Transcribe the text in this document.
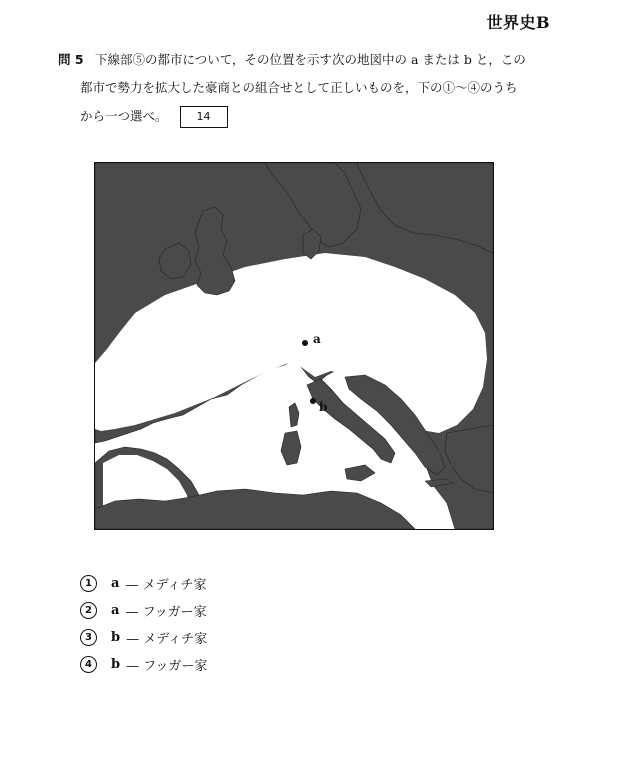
世界史B
問 5 下線部⑤の都市について，その位置を示す次の地図中の a または b と，この
都市で勢力を拡大した豪商との組合せとして正しいものを，下の①〜④のうち
から一つ選べ。	14
a
b
1	a — メディチ家
2	a — フッガー家
3	b — メディチ家
4	b — フッガー家
